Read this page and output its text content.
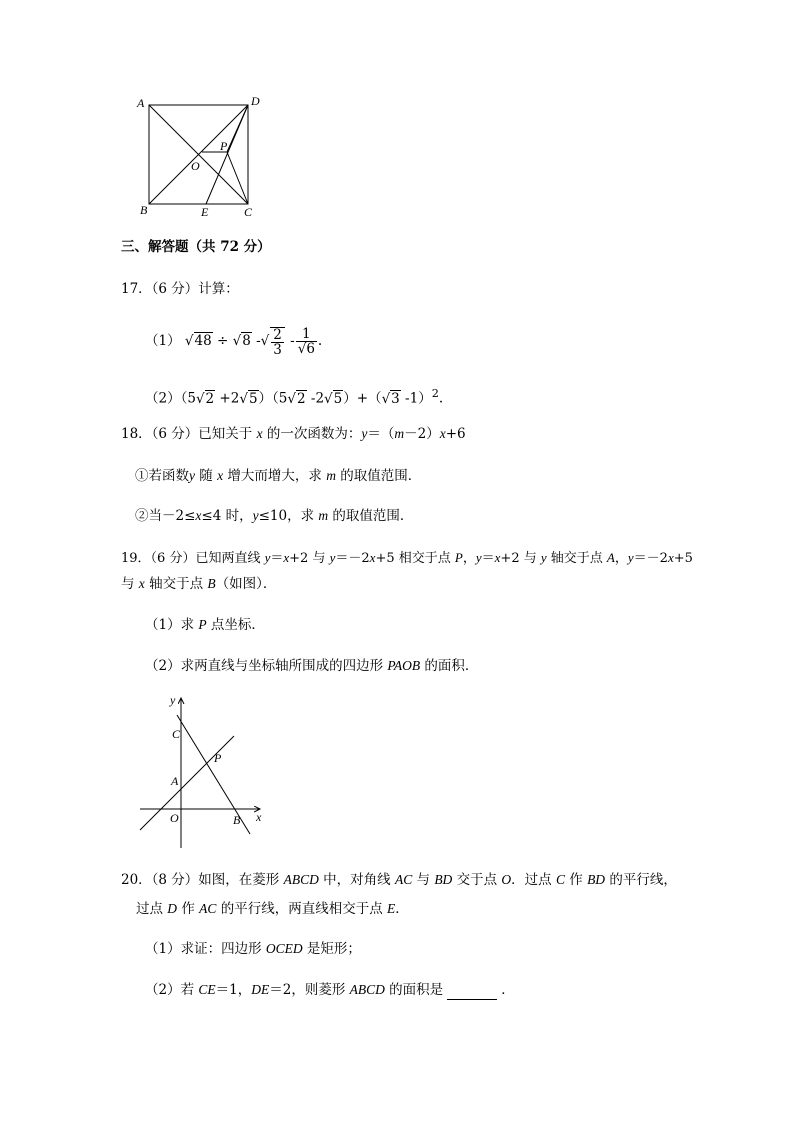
A	D
B	C
O
P
E
三、解答题（共 72 分）
17．（6 分）计算：
（1） √48 ÷ √8 -√ $\frac{2}{3} - \frac{1}{√6}$ .
（2）（5√2 +2√5）（5√2 -2√5）+（√3 -1）$^2$.
18．（6 分）已知关于 x 的一次函数为：y＝（m－2）x+6
①若函数y 随 x 增大而增大，求 m 的取值范围．
②当－2≤x≤4 时，y≤10，求 m 的取值范围．
19．（6 分）已知两直线 y＝x+2 与 y＝－2x+5 相交于点 P，y＝x+2 与 y 轴交于点 A，y＝－2x+5
与 x 轴交于点 B（如图）．
（1）求 P 点坐标．
（2）求两直线与坐标轴所围成的四边形 PAOB 的面积．
y
x
C
P
A
O	B
20．（8 分）如图，在菱形 ABCD 中，对角线 AC 与 BD 交于点 O．过点 C 作 BD 的平行线，
过点 D 作 AC 的平行线，两直线相交于点 E．
（1）求证：四边形 OCED 是矩形；
（2）若 CE＝1，DE＝2，则菱形 ABCD 的面积是	．
